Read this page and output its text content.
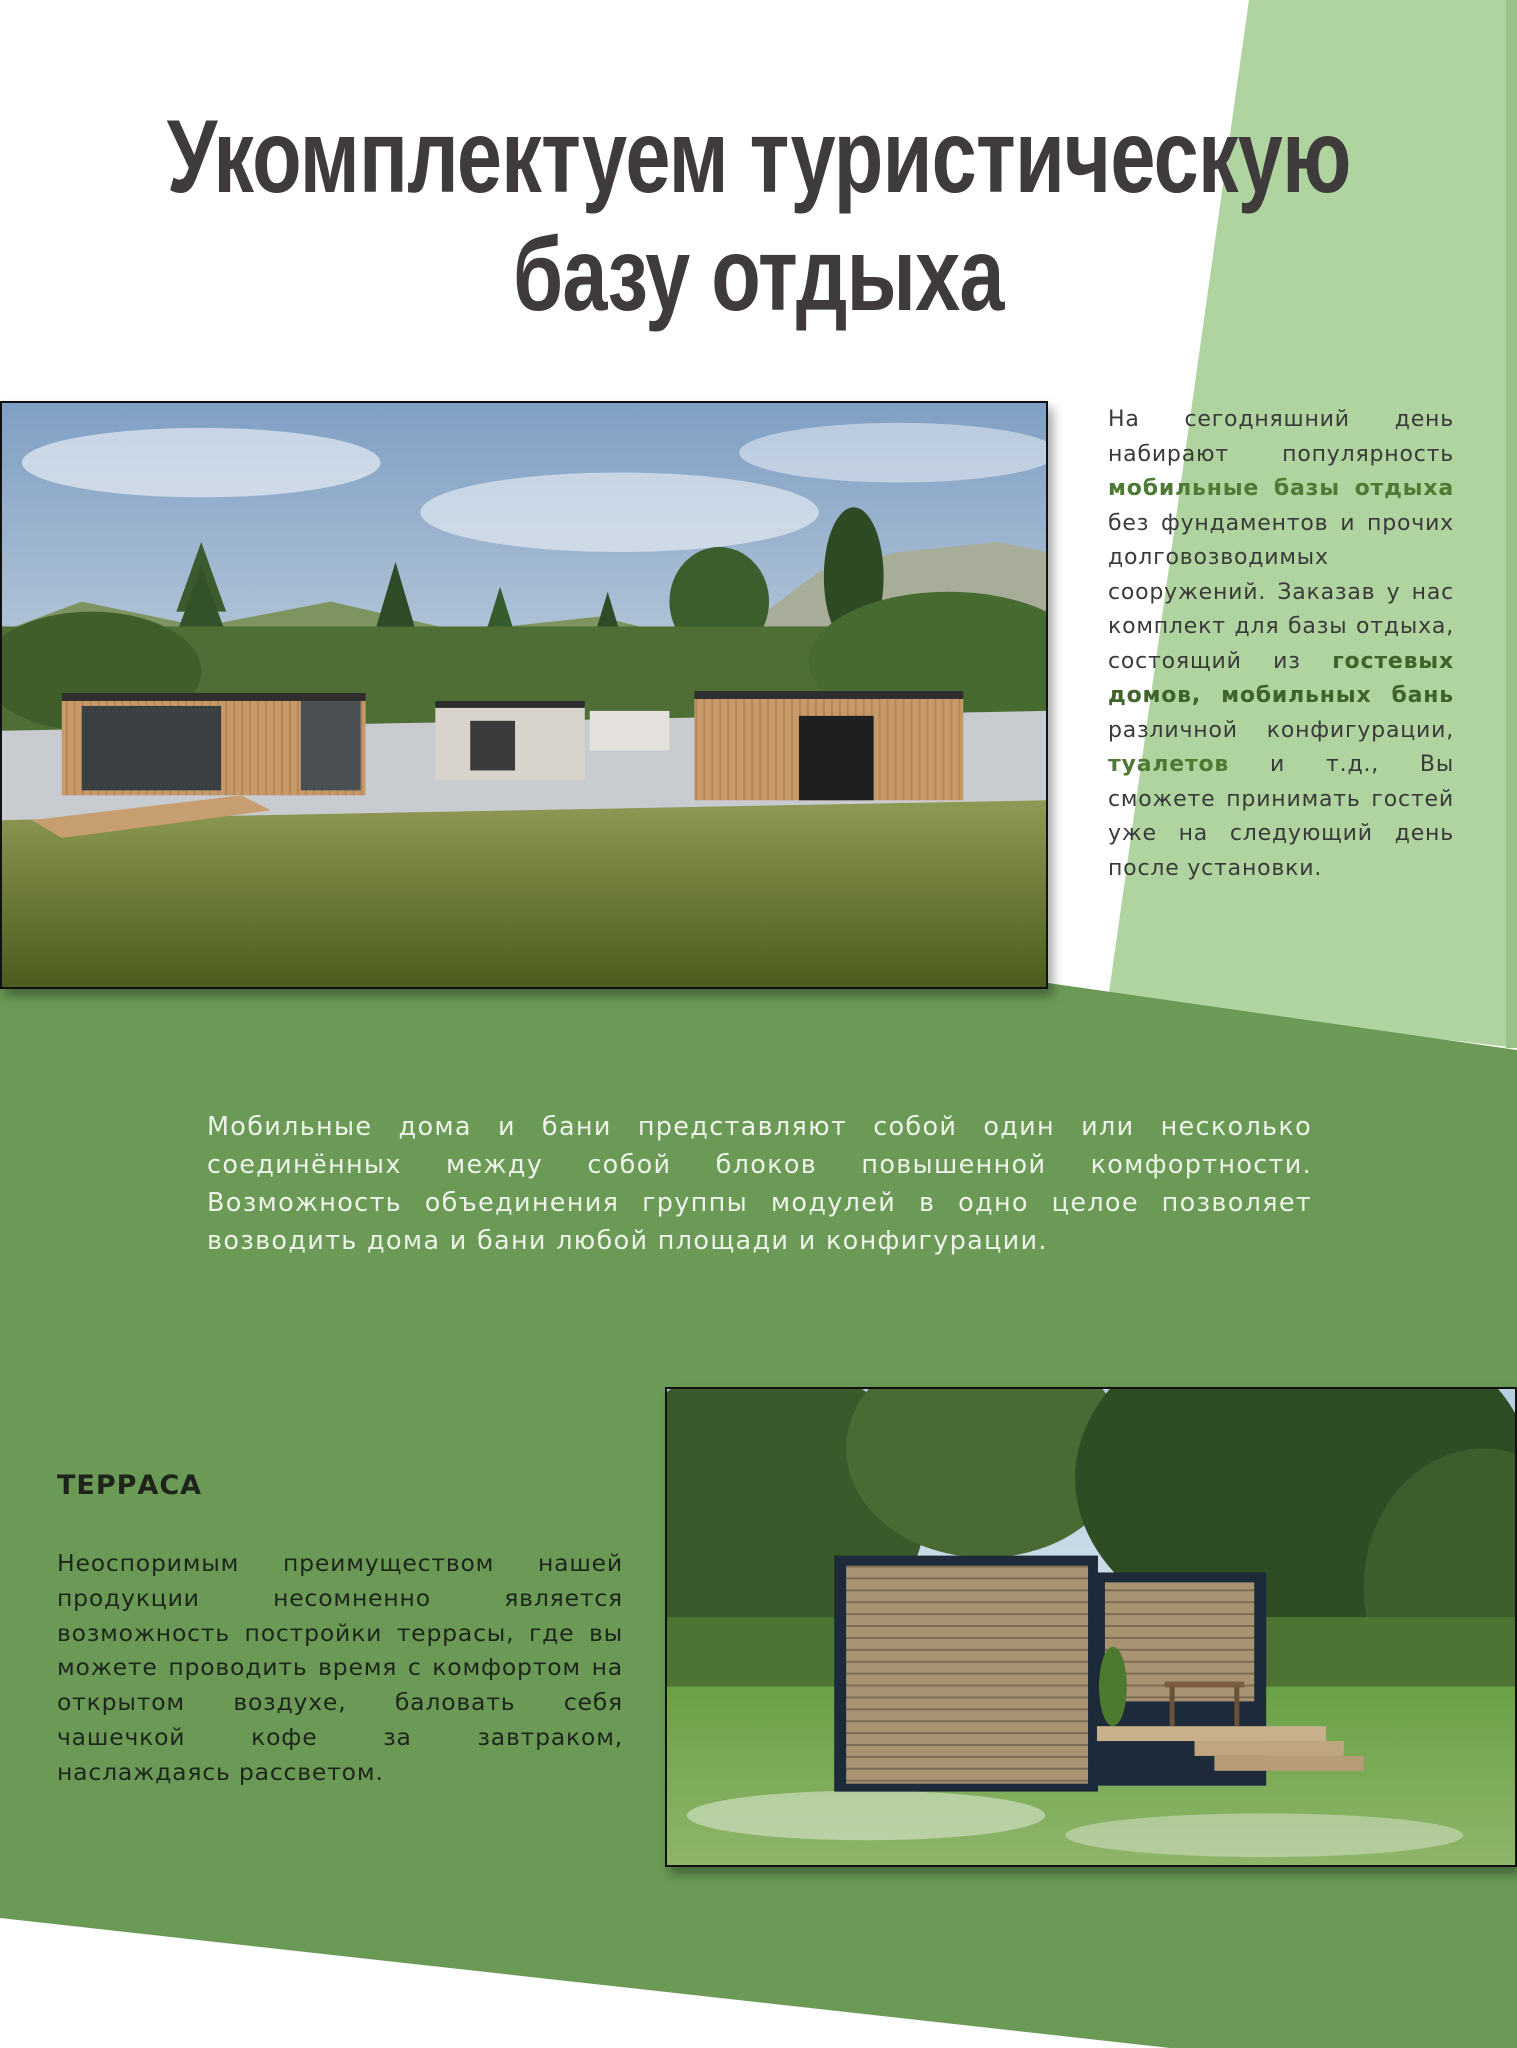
Укомплектуем туристическую
базу отдыха

На сегодняшний день набирают популярность мобильные базы отдыха без фундаментов и прочих долговозводимых сооружений. Заказав у нас комплект для базы отдыха, состоящий из гостевых домов, мобильных бань различной конфигурации, туалетов и т.д., Вы сможете принимать гостей уже на следующий день после установки.

Мобильные дома и бани представляют собой один или несколько соединённых между собой блоков повышенной комфортности. Возможность объединения группы модулей в одно целое позволяет возводить дома и бани любой площади и конфигурации.

ТЕРРАСА

Неоспоримым преимуществом нашей продукции несомненно является возможность постройки террасы, где вы можете проводить время с комфортом на открытом воздухе, баловать себя чашечкой кофе за завтраком, наслаждаясь рассветом.
